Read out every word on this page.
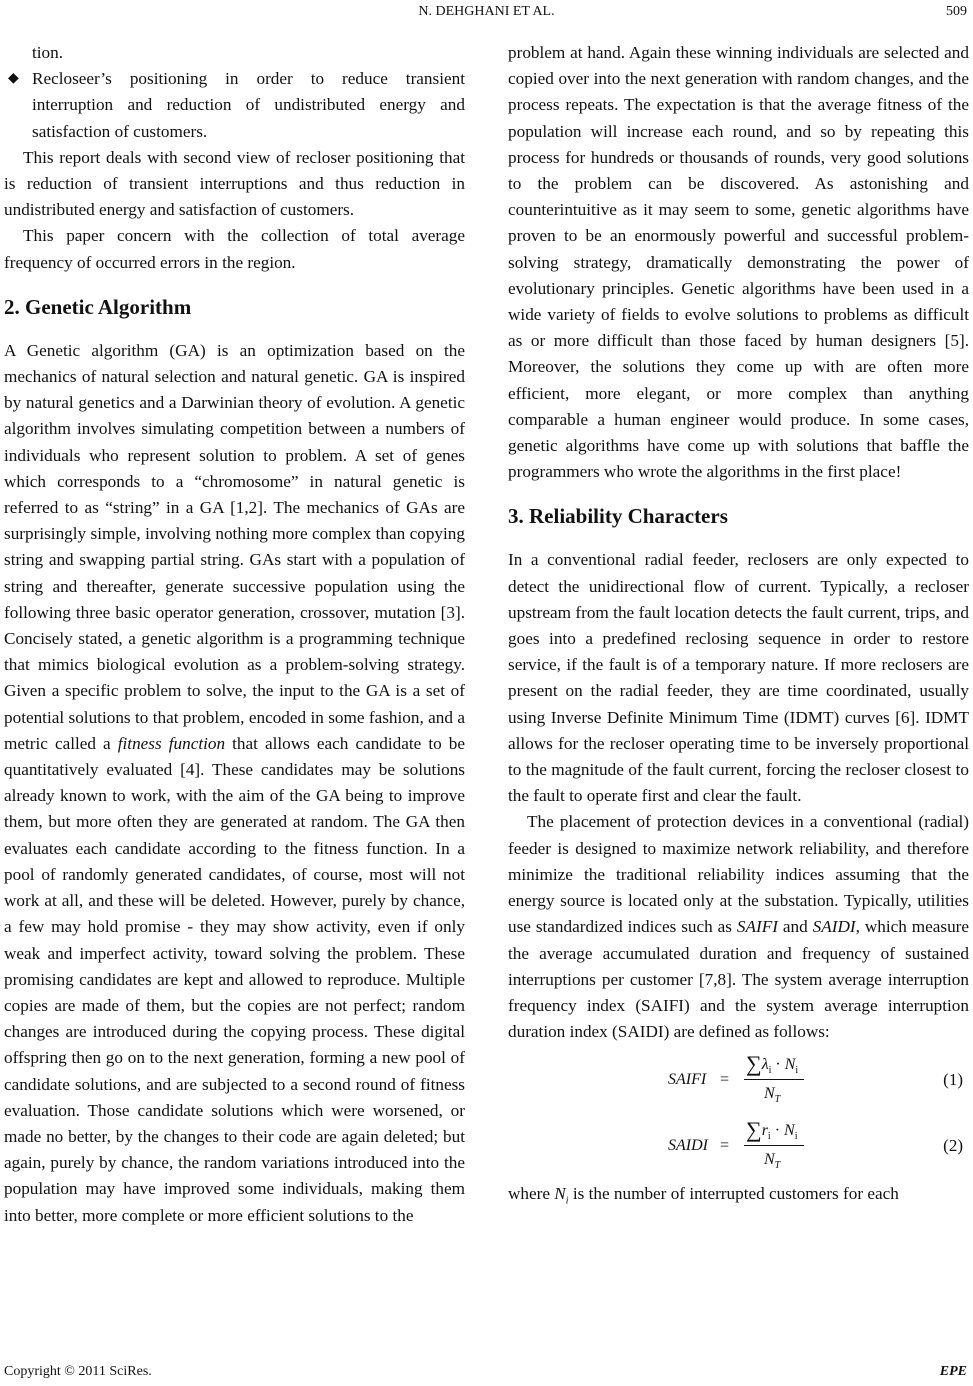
N. DEHGHANI ET AL.	509

tion.

◆ Recloseer’s positioning in order to reduce transient interruption and reduction of undistributed energy and satisfaction of customers.

This report deals with second view of recloser positioning that is reduction of transient interruptions and thus reduction in undistributed energy and satisfaction of customers.

This paper concern with the collection of total average frequency of occurred errors in the region.

2. Genetic Algorithm

A Genetic algorithm (GA) is an optimization based on the mechanics of natural selection and natural genetic. GA is inspired by natural genetics and a Darwinian theory of evolution. A genetic algorithm involves simulating competition between a numbers of individuals who represent solution to problem. A set of genes which corresponds to a “chromosome” in natural genetic is referred to as “string” in a GA [1,2]. The mechanics of GAs are surprisingly simple, involving nothing more complex than copying string and swapping partial string. GAs start with a population of string and thereafter, generate successive population using the following three basic operator generation, crossover, mutation [3]. Concisely stated, a genetic algorithm is a programming technique that mimics biological evolution as a problem-solving strategy. Given a specific problem to solve, the input to the GA is a set of potential solutions to that problem, encoded in some fashion, and a metric called a fitness function that allows each candidate to be quantitatively evaluated [4]. These candidates may be solutions already known to work, with the aim of the GA being to improve them, but more often they are generated at random. The GA then evaluates each candidate according to the fitness function. In a pool of randomly generated candidates, of course, most will not work at all, and these will be deleted. However, purely by chance, a few may hold promise - they may show activity, even if only weak and imperfect activity, toward solving the problem. These promising candidates are kept and allowed to reproduce. Multiple copies are made of them, but the copies are not perfect; random changes are introduced during the copying process. These digital offspring then go on to the next generation, forming a new pool of candidate solutions, and are subjected to a second round of fitness evaluation. Those candidate solutions which were worsened, or made no better, by the changes to their code are again deleted; but again, purely by chance, the random variations introduced into the population may have improved some individuals, making them into better, more complete or more efficient solutions to the

problem at hand. Again these winning individuals are selected and copied over into the next generation with random changes, and the process repeats. The expectation is that the average fitness of the population will increase each round, and so by repeating this process for hundreds or thousands of rounds, very good solutions to the problem can be discovered. As astonishing and counterintuitive as it may seem to some, genetic algorithms have proven to be an enormously powerful and successful problem-solving strategy, dramatically demonstrating the power of evolutionary principles. Genetic algorithms have been used in a wide variety of fields to evolve solutions to problems as difficult as or more difficult than those faced by human designers [5]. Moreover, the solutions they come up with are often more efficient, more elegant, or more complex than anything comparable a human engineer would produce. In some cases, genetic algorithms have come up with solutions that baffle the programmers who wrote the algorithms in the first place!

3. Reliability Characters

In a conventional radial feeder, reclosers are only expected to detect the unidirectional flow of current. Typically, a recloser upstream from the fault location detects the fault current, trips, and goes into a predefined reclosing sequence in order to restore service, if the fault is of a temporary nature. If more reclosers are present on the radial feeder, they are time coordinated, usually using Inverse Definite Minimum Time (IDMT) curves [6]. IDMT allows for the recloser operating time to be inversely proportional to the magnitude of the fault current, forcing the recloser closest to the fault to operate first and clear the fault.

The placement of protection devices in a conventional (radial) feeder is designed to maximize network reliability, and therefore minimize the traditional reliability indices assuming that the energy source is located only at the substation. Typically, utilities use standardized indices such as SAIFI and SAIDI, which measure the average accumulated duration and frequency of sustained interruptions per customer [7,8]. The system average interruption frequency index (SAIFI) and the system average interruption duration index (SAIDI) are defined as follows:

SAIFI =
$\sum\lambda_i \cdot N_i$
$N_T$
(1)
SAIDI =
$\sum r_i \cdot N_i$
$N_T$
(2)

where $N_i$ is the number of interrupted customers for each

Copyright © 2011 SciRes.	EPE
